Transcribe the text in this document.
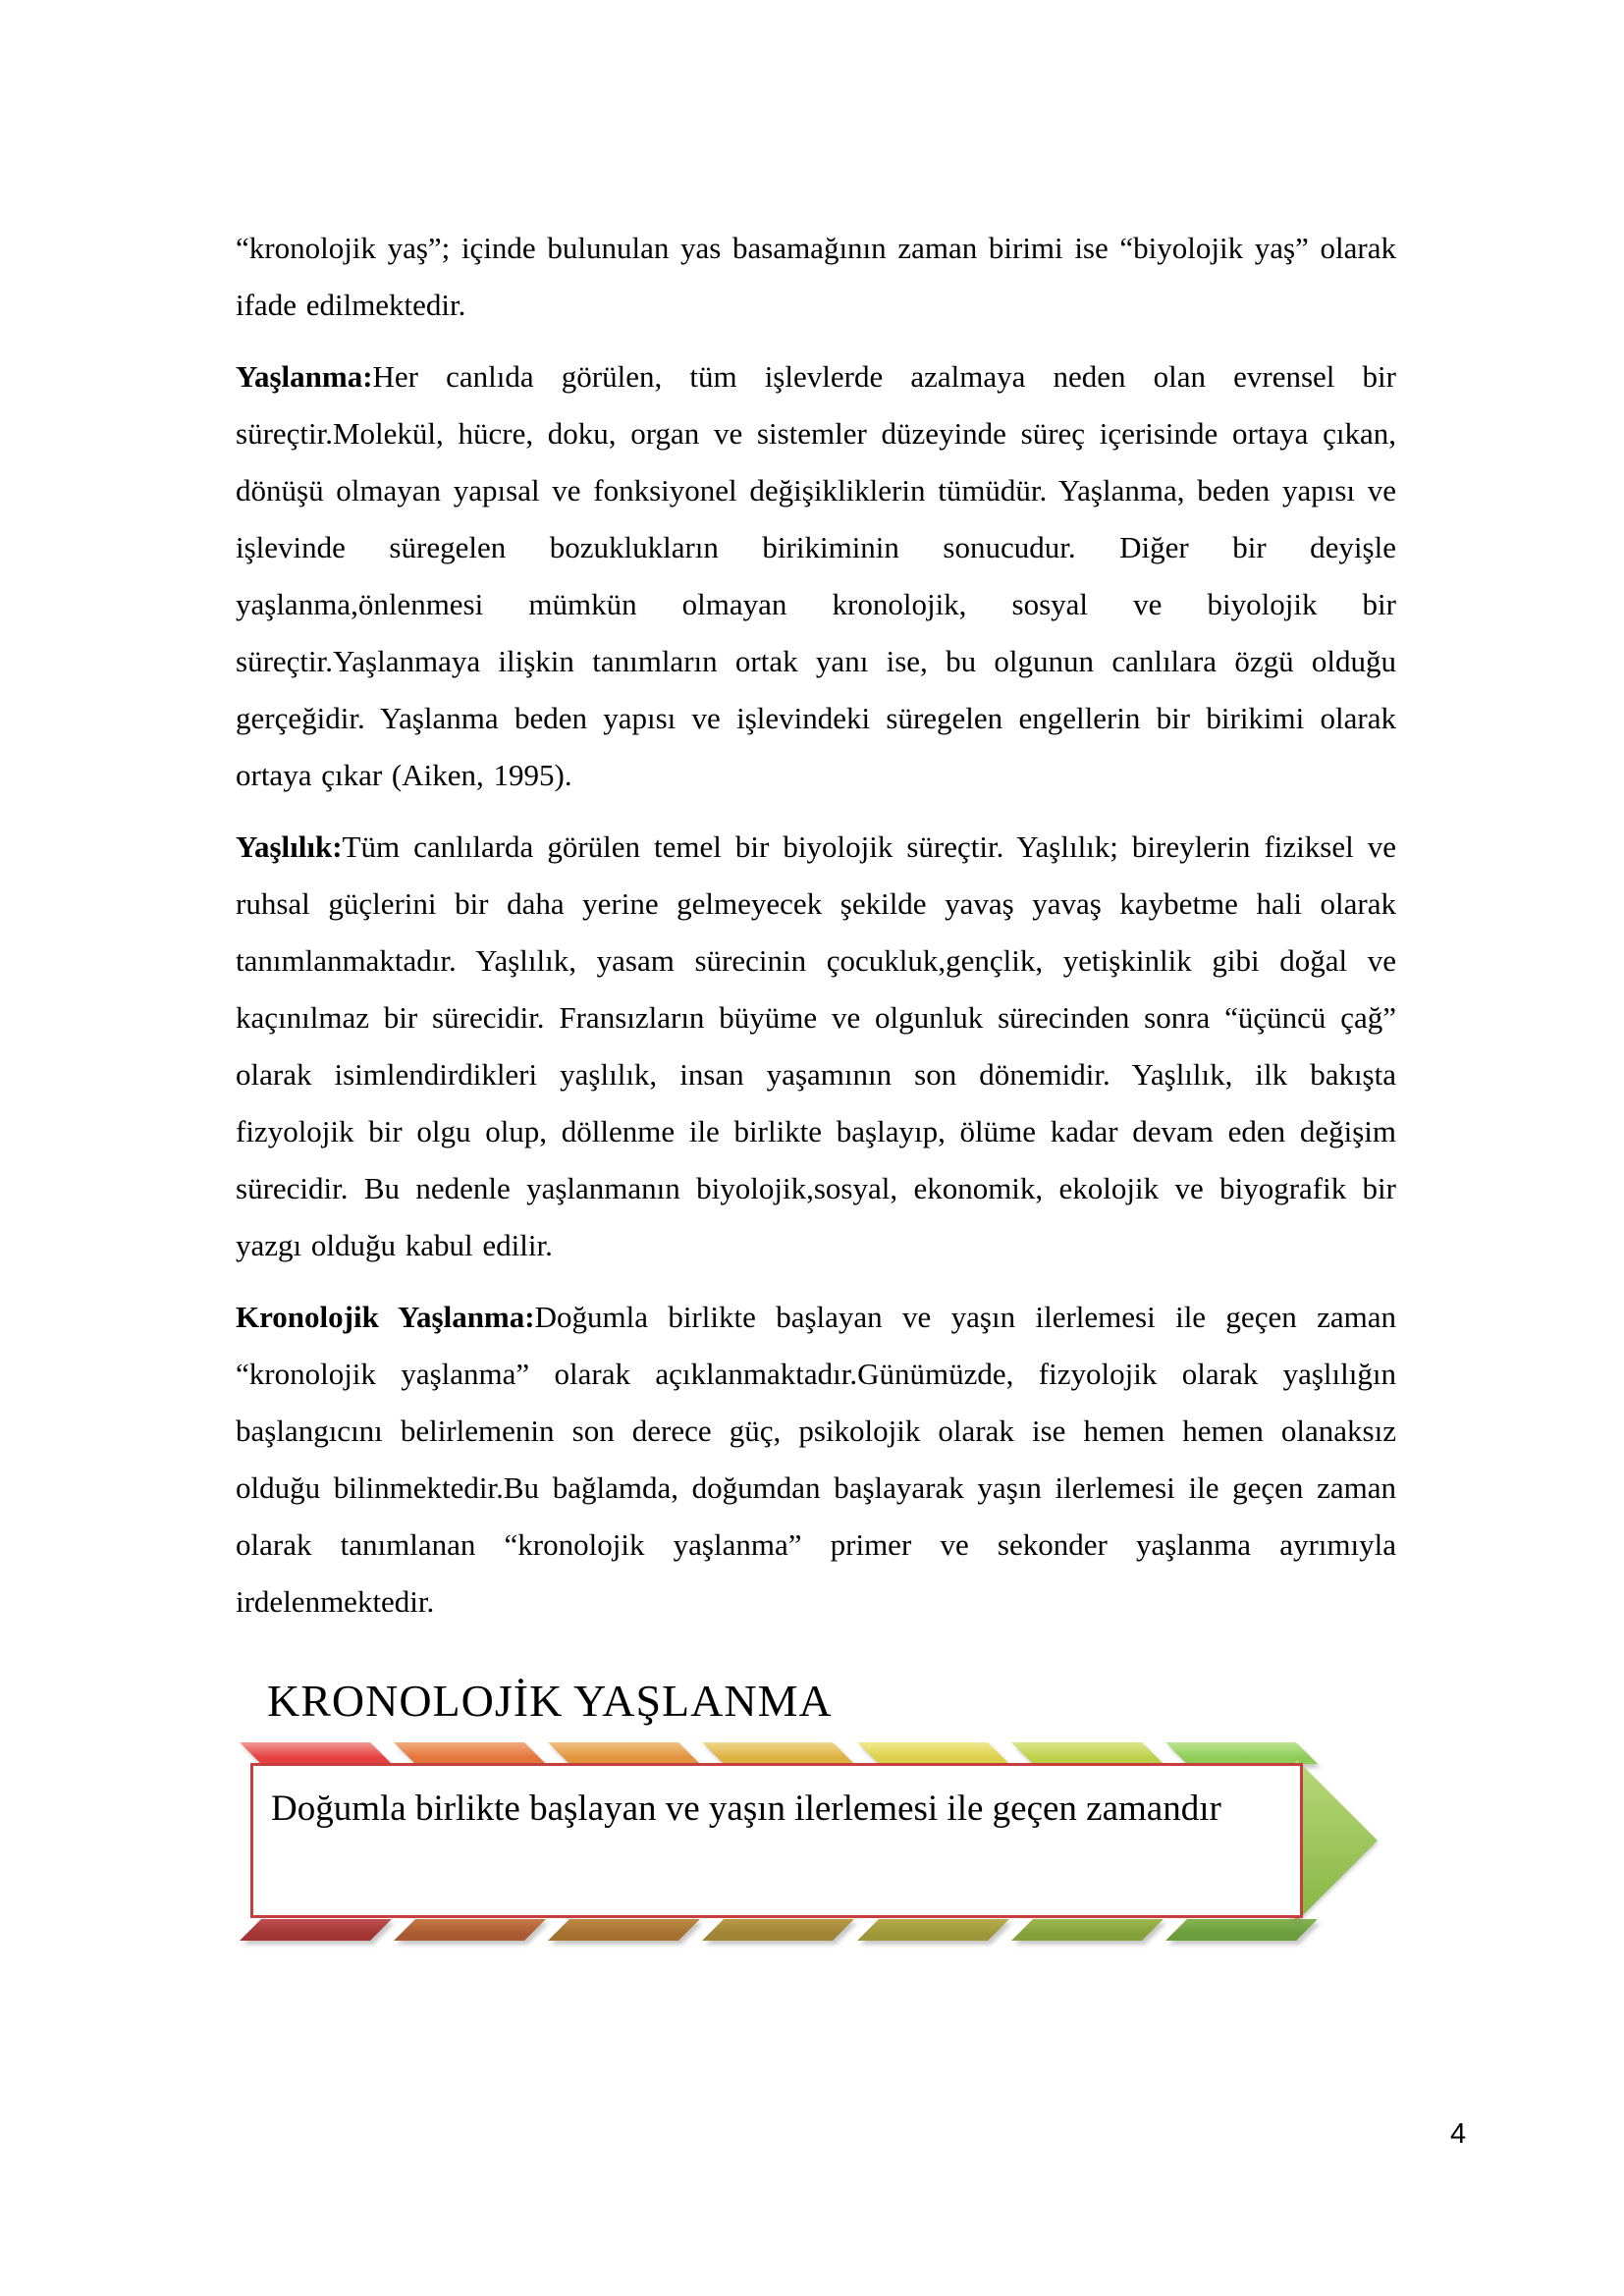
“kronolojik yaş”; içinde bulunulan yas basamağının zaman birimi ise “biyolojik yaş” olarak ifade edilmektedir.

Yaşlanma:Her canlıda görülen, tüm işlevlerde azalmaya neden olan evrensel bir süreçtir.Molekül, hücre, doku, organ ve sistemler düzeyinde süreç içerisinde ortaya çıkan, dönüşü olmayan yapısal ve fonksiyonel değişikliklerin tümüdür. Yaşlanma, beden yapısı ve işlevinde süregelen bozuklukların birikiminin sonucudur. Diğer bir deyişle yaşlanma,önlenmesi mümkün olmayan kronolojik, sosyal ve biyolojik bir süreçtir.Yaşlanmaya ilişkin tanımların ortak yanı ise, bu olgunun canlılara özgü olduğu gerçeğidir. Yaşlanma beden yapısı ve işlevindeki süregelen engellerin bir birikimi olarak ortaya çıkar (Aiken, 1995).

Yaşlılık:Tüm canlılarda görülen temel bir biyolojik süreçtir. Yaşlılık; bireylerin fiziksel ve ruhsal güçlerini bir daha yerine gelmeyecek şekilde yavaş yavaş kaybetme hali olarak tanımlanmaktadır. Yaşlılık, yasam sürecinin çocukluk,gençlik, yetişkinlik gibi doğal ve kaçınılmaz bir sürecidir. Fransızların büyüme ve olgunluk sürecinden sonra “üçüncü çağ” olarak isimlendirdikleri yaşlılık, insan yaşamının son dönemidir. Yaşlılık, ilk bakışta fizyolojik bir olgu olup, döllenme ile birlikte başlayıp, ölüme kadar devam eden değişim sürecidir. Bu nedenle yaşlanmanın biyolojik,sosyal, ekonomik, ekolojik ve biyografik bir yazgı olduğu kabul edilir.

Kronolojik Yaşlanma:Doğumla birlikte başlayan ve yaşın ilerlemesi ile geçen zaman “kronolojik yaşlanma” olarak açıklanmaktadır.Günümüzde, fizyolojik olarak yaşlılığın başlangıcını belirlemenin son derece güç, psikolojik olarak ise hemen hemen olanaksız olduğu bilinmektedir.Bu bağlamda, doğumdan başlayarak yaşın ilerlemesi ile geçen zaman olarak tanımlanan “kronolojik yaşlanma” primer ve sekonder yaşlanma ayrımıyla irdelenmektedir.

KRONOLOJİK YAŞLANMA

Doğumla birlikte başlayan ve yaşın ilerlemesi ile geçen zamandır

4
